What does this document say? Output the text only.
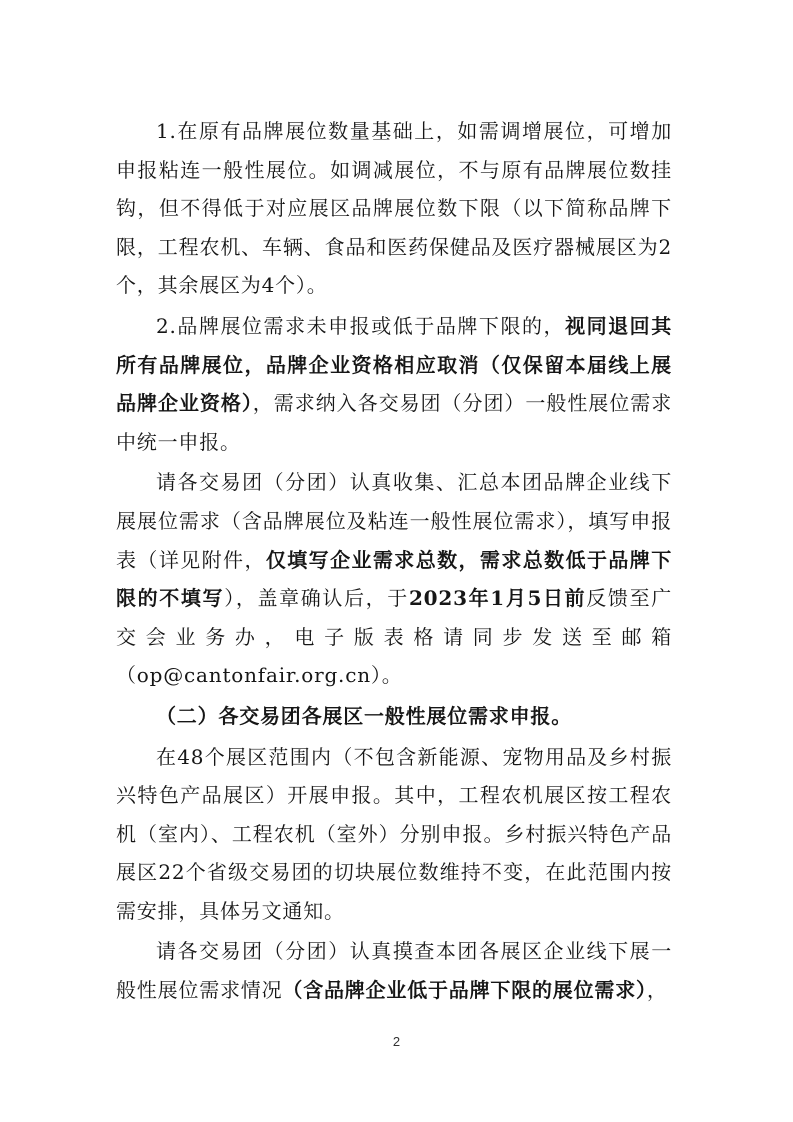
1.在原有品牌展位数量基础上，如需调增展位，可增加申报粘连一般性展位。如调减展位，不与原有品牌展位数挂钩，但不得低于对应展区品牌展位数下限（以下简称品牌下限，工程农机、车辆、食品和医药保健品及医疗器械展区为2个，其余展区为4个）。

2.品牌展位需求未申报或低于品牌下限的，视同退回其所有品牌展位，品牌企业资格相应取消（仅保留本届线上展品牌企业资格），需求纳入各交易团（分团）一般性展位需求中统一申报。

请各交易团（分团）认真收集、汇总本团品牌企业线下展展位需求（含品牌展位及粘连一般性展位需求），填写申报表（详见附件，仅填写企业需求总数，需求总数低于品牌下限的不填写），盖章确认后，于2023年1月5日前反馈至广交会业务办，电子版表格请同步发送至邮箱（op@cantonfair.org.cn）。

（二）各交易团各展区一般性展位需求申报。

在48个展区范围内（不包含新能源、宠物用品及乡村振兴特色产品展区）开展申报。其中，工程农机展区按工程农机（室内）、工程农机（室外）分别申报。乡村振兴特色产品展区22个省级交易团的切块展位数维持不变，在此范围内按需安排，具体另文通知。

请各交易团（分团）认真摸查本团各展区企业线下展一般性展位需求情况（含品牌企业低于品牌下限的展位需求），

2
